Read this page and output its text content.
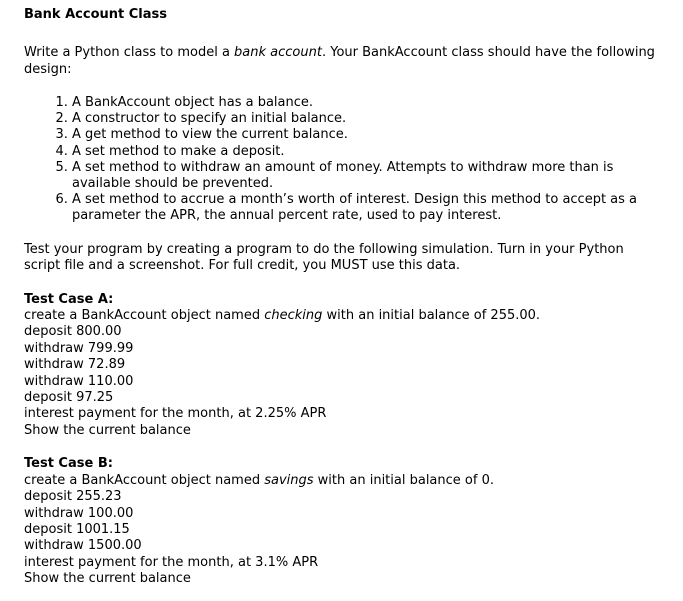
Bank Account Class

Write a Python class to model a bank account. Your BankAccount class should have the following design:

1. A BankAccount object has a balance.
2. A constructor to specify an initial balance.
3. A get method to view the current balance.
4. A set method to make a deposit.
5. A set method to withdraw an amount of money. Attempts to withdraw more than is available should be prevented.
6. A set method to accrue a month’s worth of interest. Design this method to accept as a parameter the APR, the annual percent rate, used to pay interest.

Test your program by creating a program to do the following simulation. Turn in your Python script file and a screenshot. For full credit, you MUST use this data.

Test Case A:
create a BankAccount object named checking with an initial balance of 255.00.
deposit 800.00
withdraw 799.99
withdraw 72.89
withdraw 110.00
deposit 97.25
interest payment for the month, at 2.25% APR
Show the current balance
Test Case B:
create a BankAccount object named savings with an initial balance of 0.
deposit 255.23
withdraw 100.00
deposit 1001.15
withdraw 1500.00
interest payment for the month, at 3.1% APR
Show the current balance
